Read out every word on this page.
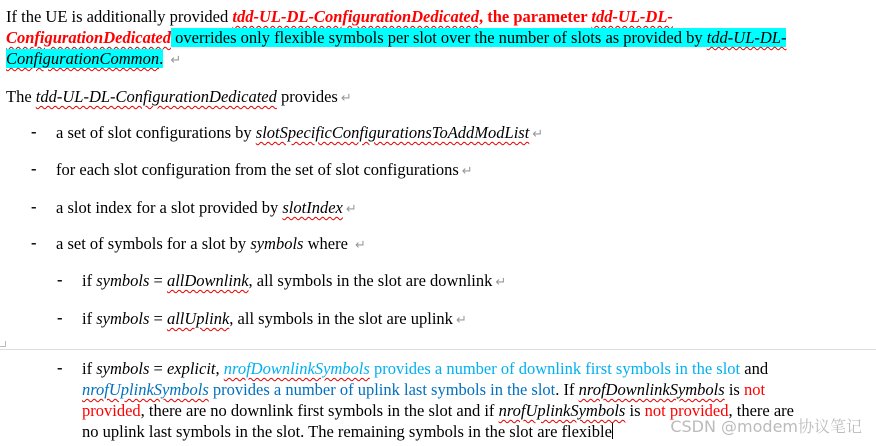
If the UE is additionally provided tdd-UL-DL-ConfigurationDedicated, the parameter tdd-UL-DL-
ConfigurationDedicated overrides only flexible symbols per slot over the number of slots as provided by tdd-UL-DL-
ConfigurationCommon. ↵
The tdd-UL-DL-ConfigurationDedicated provides ↵
- a set of slot configurations by slotSpecificConfigurationsToAddModList ↵
- for each slot configuration from the set of slot configurations ↵
- a slot index for a slot provided by slotIndex ↵
- a set of symbols for a slot by symbols where ↵
- if symbols = allDownlink, all symbols in the slot are downlink ↵
- if symbols = allUplink, all symbols in the slot are uplink ↵
- if symbols = explicit, nrofDownlinkSymbols provides a number of downlink first symbols in the slot and
nrofUplinkSymbols provides a number of uplink last symbols in the slot. If nrofDownlinkSymbols is not
provided, there are no downlink first symbols in the slot and if nrofUplinkSymbols is not provided, there are
no uplink last symbols in the slot. The remaining symbols in the slot are flexible	CSDN @modem协议笔记
